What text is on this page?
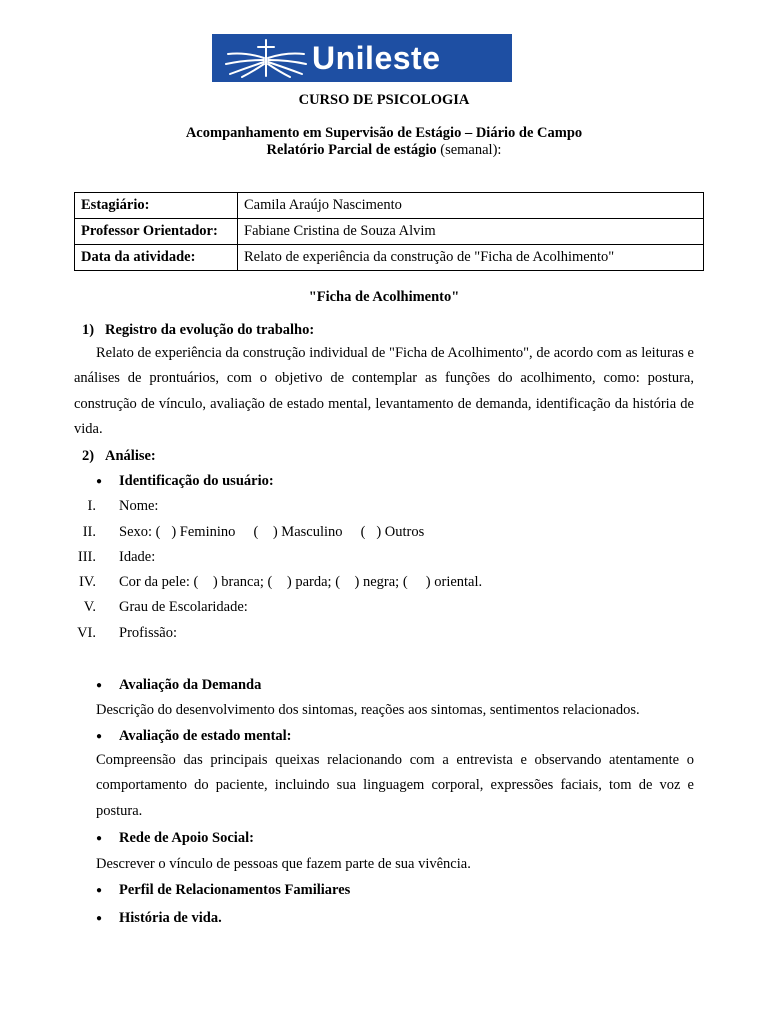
Unileste
CURSO DE PSICOLOGIA
Acompanhamento em Supervisão de Estágio – Diário de Campo
Relatório Parcial de estágio (semanal):
Estagiário:	Camila Araújo Nascimento
Professor Orientador:	Fabiane Cristina de Souza Alvim
Data da atividade:	Relato de experiência da construção de "Ficha de Acolhimento"
"Ficha de Acolhimento"
1) Registro da evolução do trabalho:
Relato de experiência da construção individual de "Ficha de Acolhimento", de acordo com as leituras e análises de prontuários, com o objetivo de contemplar as funções do acolhimento, como: postura, construção de vínculo, avaliação de estado mental, levantamento de demanda, identificação da história de vida.
2) Análise:
● Identificação do usuário:
I. Nome:
II. Sexo: (   ) Feminino     (    ) Masculino     (   ) Outros
III. Idade:
IV. Cor da pele: (    ) branca; (    ) parda; (    ) negra; (     ) oriental.
V. Grau de Escolaridade:
VI. Profissão:
● Avaliação da Demanda
Descrição do desenvolvimento dos sintomas, reações aos sintomas, sentimentos relacionados.
● Avaliação de estado mental:
Compreensão das principais queixas relacionando com a entrevista e observando atentamente o comportamento do paciente, incluindo sua linguagem corporal, expressões faciais, tom de voz e postura.
● Rede de Apoio Social:
Descrever o vínculo de pessoas que fazem parte de sua vivência.
● Perfil de Relacionamentos Familiares
● História de vida.
